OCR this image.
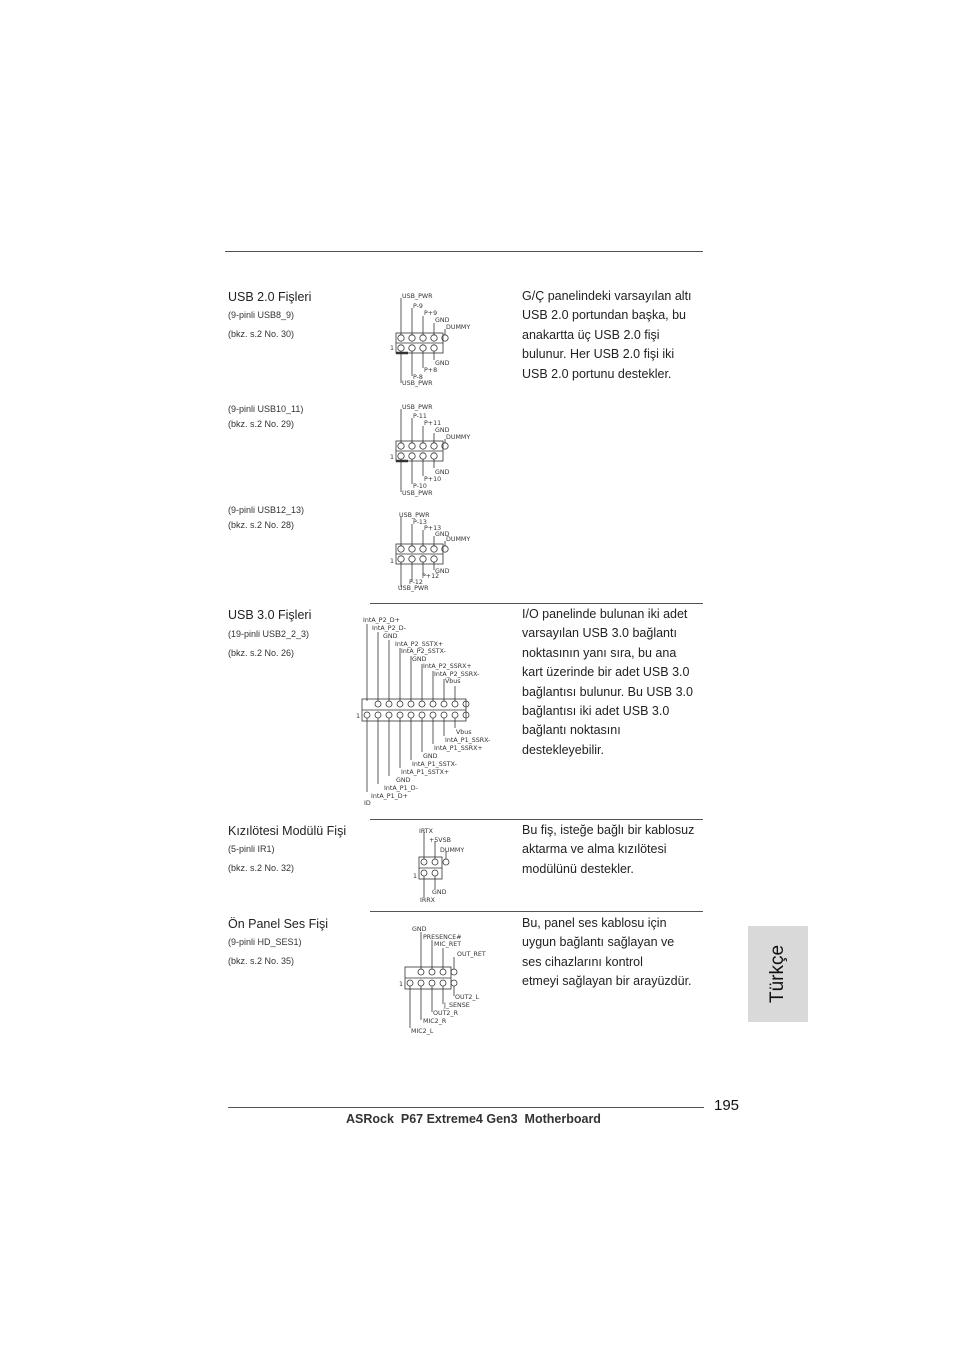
USB 2.0 Fişleri
(9-pinli USB8_9)
(bkz. s.2 No. 30)
G/Ç panelindeki varsayılan altı
USB 2.0 portundan başka, bu
anakartta üç USB 2.0 fişi
bulunur. Her USB 2.0 fişi iki
USB 2.0 portunu destekler.
1
USB_PWR
P-9
P+9
GND
DUMMY
GND
P+8
P-8
USB_PWR
(9-pinli USB10_11)
(bkz. s.2 No. 29)
1
USB_PWR
P-11
P+11
GND
DUMMY
GND
P+10
P-10
USB_PWR
(9-pinli USB12_13)
(bkz. s.2 No. 28)
1
USB_PWR
P-13
P+13
GND
DUMMY
GND
P+12
P-12
USB_PWR
USB 3.0 Fişleri
(19-pinli USB2_2_3)
(bkz. s.2 No. 26)
I/O panelinde bulunan iki adet
varsayılan USB 3.0 bağlantı
noktasının yanı sıra, bu ana
kart üzerinde bir adet USB 3.0
bağlantısı bulunur. Bu USB 3.0
bağlantısı iki adet USB 3.0
bağlantı noktasını
destekleyebilir.
1
IntA_P2_D+
IntA_P2_D-
GND
IntA_P2_SSTX+
IntA_P2_SSTX-
GND
IntA_P2_SSRX+
IntA_P2_SSRX-
Vbus
Vbus
IntA_P1_SSRX-
IntA_P1_SSRX+
GND
IntA_P1_SSTX-
IntA_P1_SSTX+
GND
IntA_P1_D-
IntA_P1_D+
ID
Kızılötesi Modülü Fişi
(5-pinli IR1)
(bkz. s.2 No. 32)
Bu fiş, isteğe bağlı bir kablosuz
aktarma ve alma kızılötesi
modülünü destekler.
1
IRTX
+5VSB
DUMMY
GND
IRRX
Ön Panel Ses Fişi
(9-pinli HD_SES1)
(bkz. s.2 No. 35)
Bu, panel ses kablosu için
uygun bağlantı sağlayan ve
ses cihazlarını kontrol
etmeyi sağlayan bir arayüzdür.
1
GND
PRESENCE#
MIC_RET
OUT_RET
OUT2_L
J_SENSE
OUT2_R
MIC2_R
MIC2_L
Türkçe
195
ASRock  P67 Extreme4 Gen3  Motherboard
